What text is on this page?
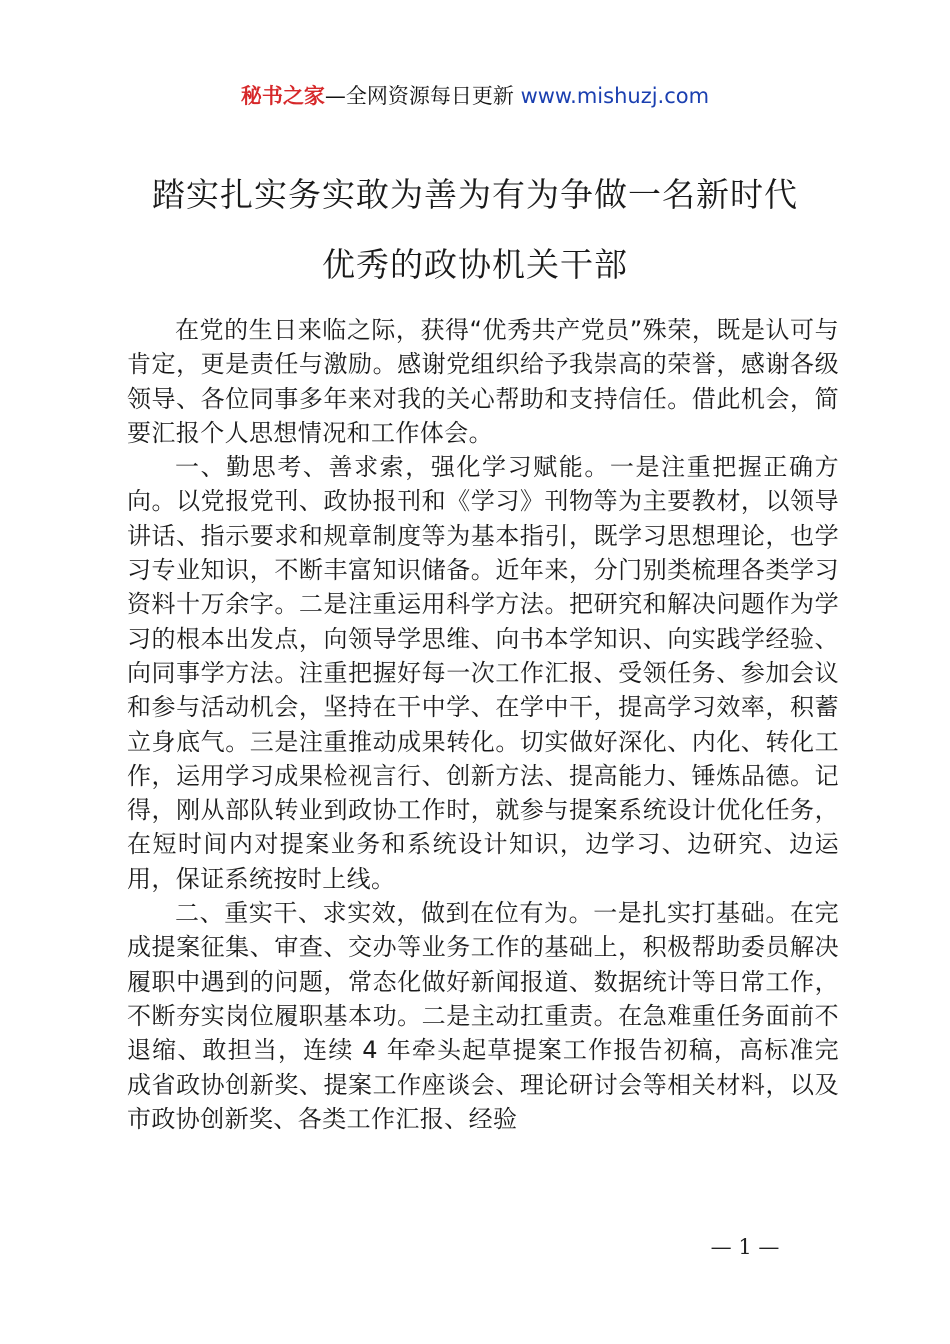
秘书之家—全网资源每日更新 www.mishuzj.com
踏实扎实务实敢为善为有为争做一名新时代
优秀的政协机关干部

在党的生日来临之际，获得“优秀共产党员”殊荣，既是认可与肯定，更是责任与激励。感谢党组织给予我崇高的荣誉，感谢各级领导、各位同事多年来对我的关心帮助和支持信任。借此机会，简要汇报个人思想情况和工作体会。

一、勤思考、善求索，强化学习赋能。一是注重把握正确方向。以党报党刊、政协报刊和《学习》刊物等为主要教材，以领导讲话、指示要求和规章制度等为基本指引，既学习思想理论，也学习专业知识，不断丰富知识储备。近年来，分门别类梳理各类学习资料十万余字。二是注重运用科学方法。把研究和解决问题作为学习的根本出发点，向领导学思维、向书本学知识、向实践学经验、向同事学方法。注重把握好每一次工作汇报、受领任务、参加会议和参与活动机会，坚持在干中学、在学中干，提高学习效率，积蓄立身底气。三是注重推动成果转化。切实做好深化、内化、转化工作，运用学习成果检视言行、创新方法、提高能力、锤炼品德。记得，刚从部队转业到政协工作时，就参与提案系统设计优化任务，在短时间内对提案业务和系统设计知识，边学习、边研究、边运用，保证系统按时上线。

二、重实干、求实效，做到在位有为。一是扎实打基础。在完成提案征集、审查、交办等业务工作的基础上，积极帮助委员解决履职中遇到的问题，常态化做好新闻报道、数据统计等日常工作，不断夯实岗位履职基本功。二是主动扛重责。在急难重任务面前不退缩、敢担当，连续 4 年牵头起草提案工作报告初稿，高标准完成省政协创新奖、提案工作座谈会、理论研讨会等相关材料，以及市政协创新奖、各类工作汇报、经验

— 1 —
